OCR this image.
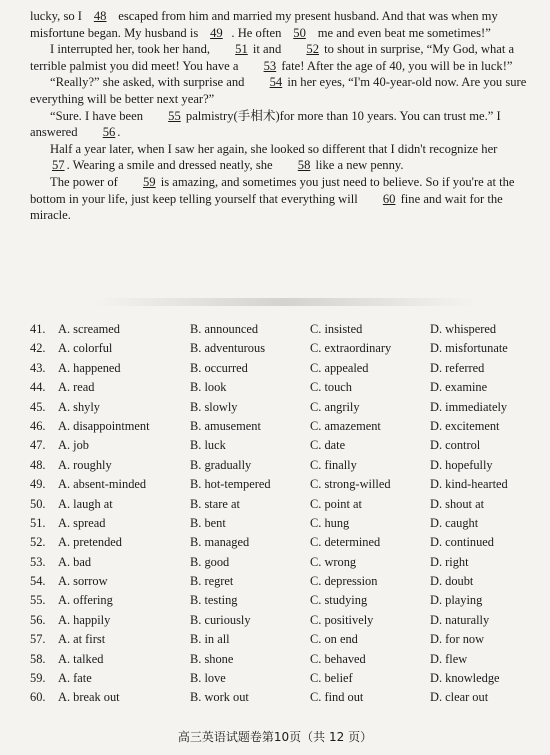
lucky, so I 48 escaped from him and married my present husband. And that was when my misfortune began. My husband is 49 . He often 50 me and even beat me sometimes!”

I interrupted her, took her hand, 51 it and 52 to shout in surprise, “My God, what a terrible palmist you did meet! You have a 53 fate! After the age of 40, you will be in luck!”

“Really?” she asked, with surprise and 54 in her eyes, “I'm 40-year-old now. Are you sure everything will be better next year?”

“Sure. I have been 55 palmistry(手相术)for more than 10 years. You can trust me.” I answered 56 .

Half a year later, when I saw her again, she looked so different that I didn't recognize her 57 . Wearing a smile and dressed neatly, she 58 like a new penny.

The power of 59 is amazing, and sometimes you just need to believe. So if you're at the bottom in your life, just keep telling yourself that everything will 60 fine and wait for the miracle.

41. A. screamed	B. announced	C. insisted	D. whispered
42. A. colorful	B. adventurous	C. extraordinary	D. misfortunate
43. A. happened	B. occurred	C. appealed	D. referred
44. A. read	B. look	C. touch	D. examine
45. A. shyly	B. slowly	C. angrily	D. immediately
46. A. disappointment	B. amusement	C. amazement	D. excitement
47. A. job	B. luck	C. date	D. control
48. A. roughly	B. gradually	C. finally	D. hopefully
49. A. absent-minded	B. hot-tempered	C. strong-willed	D. kind-hearted
50. A. laugh at	B. stare at	C. point at	D. shout at
51. A. spread	B. bent	C. hung	D. caught
52. A. pretended	B. managed	C. determined	D. continued
53. A. bad	B. good	C. wrong	D. right
54. A. sorrow	B. regret	C. depression	D. doubt
55. A. offering	B. testing	C. studying	D. playing
56. A. happily	B. curiously	C. positively	D. naturally
57. A. at first	B. in all	C. on end	D. for now
58. A. talked	B. shone	C. behaved	D. flew
59. A. fate	B. love	C. belief	D. knowledge
60. A. break out	B. work out	C. find out	D. clear out
高三英语试题卷第10页（共 12 页）
